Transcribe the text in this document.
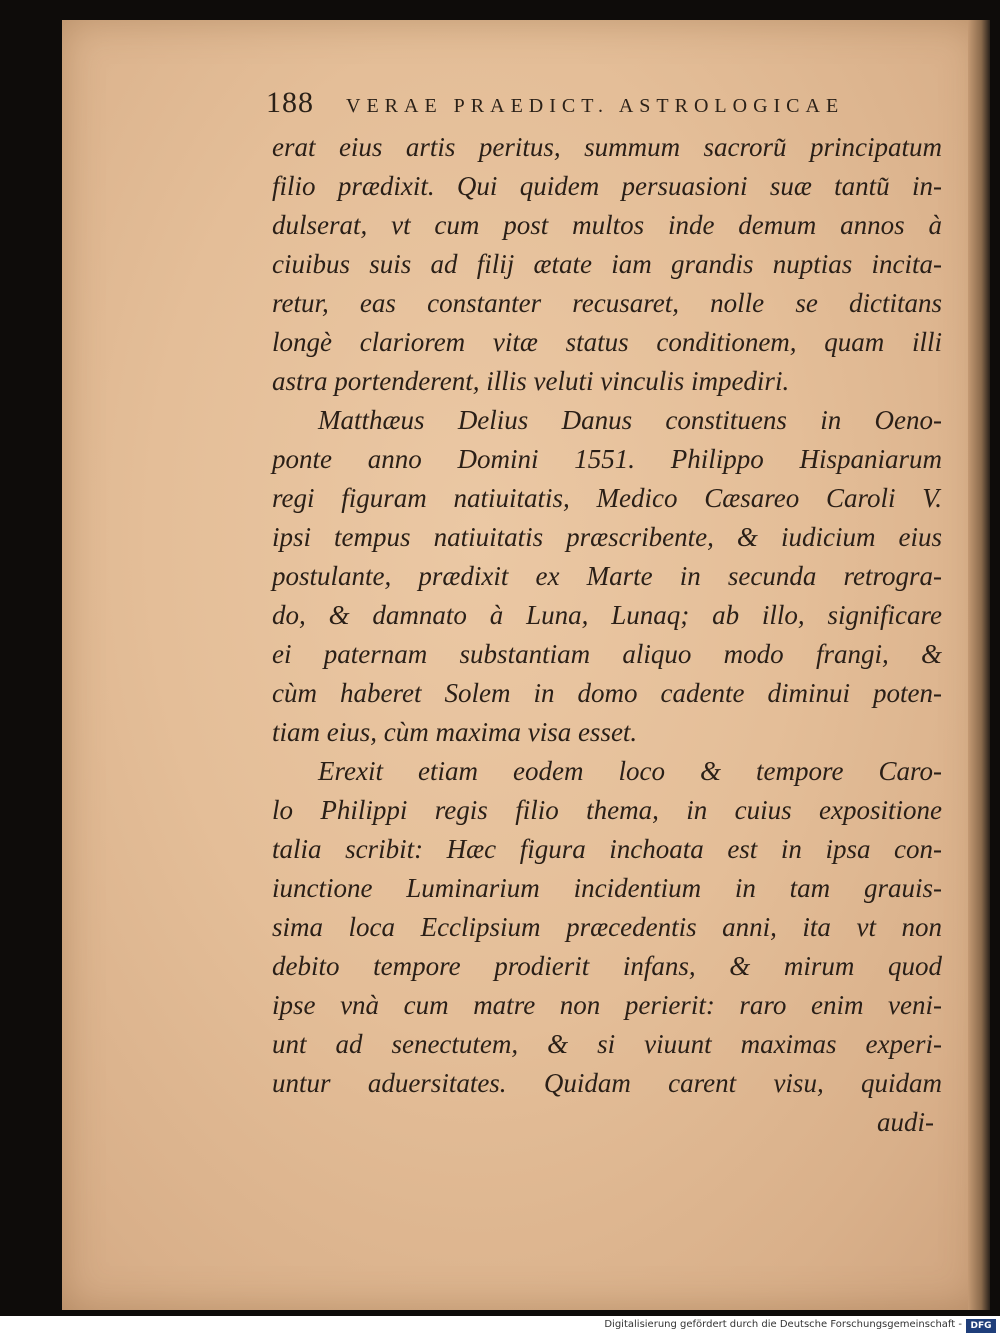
188 VERAE PRAEDICT. ASTROLOGICAE
erat eius artis peritus, summum sacroru͂ principatum
filio prædixit. Qui quidem persuasioni suæ tantu͂ in-
dulserat, vt cum post multos inde demum annos à
ciuibus suis ad filij ætate iam grandis nuptias incita-
retur, eas constanter recusaret, nolle se dictitans
longè clariorem vitæ status conditionem, quam illi
astra portenderent, illis veluti vinculis impediri.
Matthæus Delius Danus constituens in Oeno-
ponte anno Domini 1551. Philippo Hispaniarum
regi figuram natiuitatis, Medico Cæsareo Caroli V.
ipsi tempus natiuitatis præscribente, & iudicium eius
postulante, prædixit ex Marte in secunda retrogra-
do, & damnato à Luna, Lunaq; ab illo, significare
ei paternam substantiam aliquo modo frangi, &
cùm haberet Solem in domo cadente diminui poten-
tiam eius, cùm maxima visa esset.
Erexit etiam eodem loco & tempore Caro-
lo Philippi regis filio thema, in cuius expositione
talia scribit: Hæc figura inchoata est in ipsa con-
iunctione Luminarium incidentium in tam grauis-
sima loca Ecclipsium præcedentis anni, ita vt non
debito tempore prodierit infans, & mirum quod
ipse vnà cum matre non perierit: raro enim veni-
unt ad senectutem, & si viuunt maximas experi-
untur aduersitates. Quidam carent visu, quidam
audi-
Digitalisierung gefördert durch die Deutsche Forschungsgemeinschaft - DFG
